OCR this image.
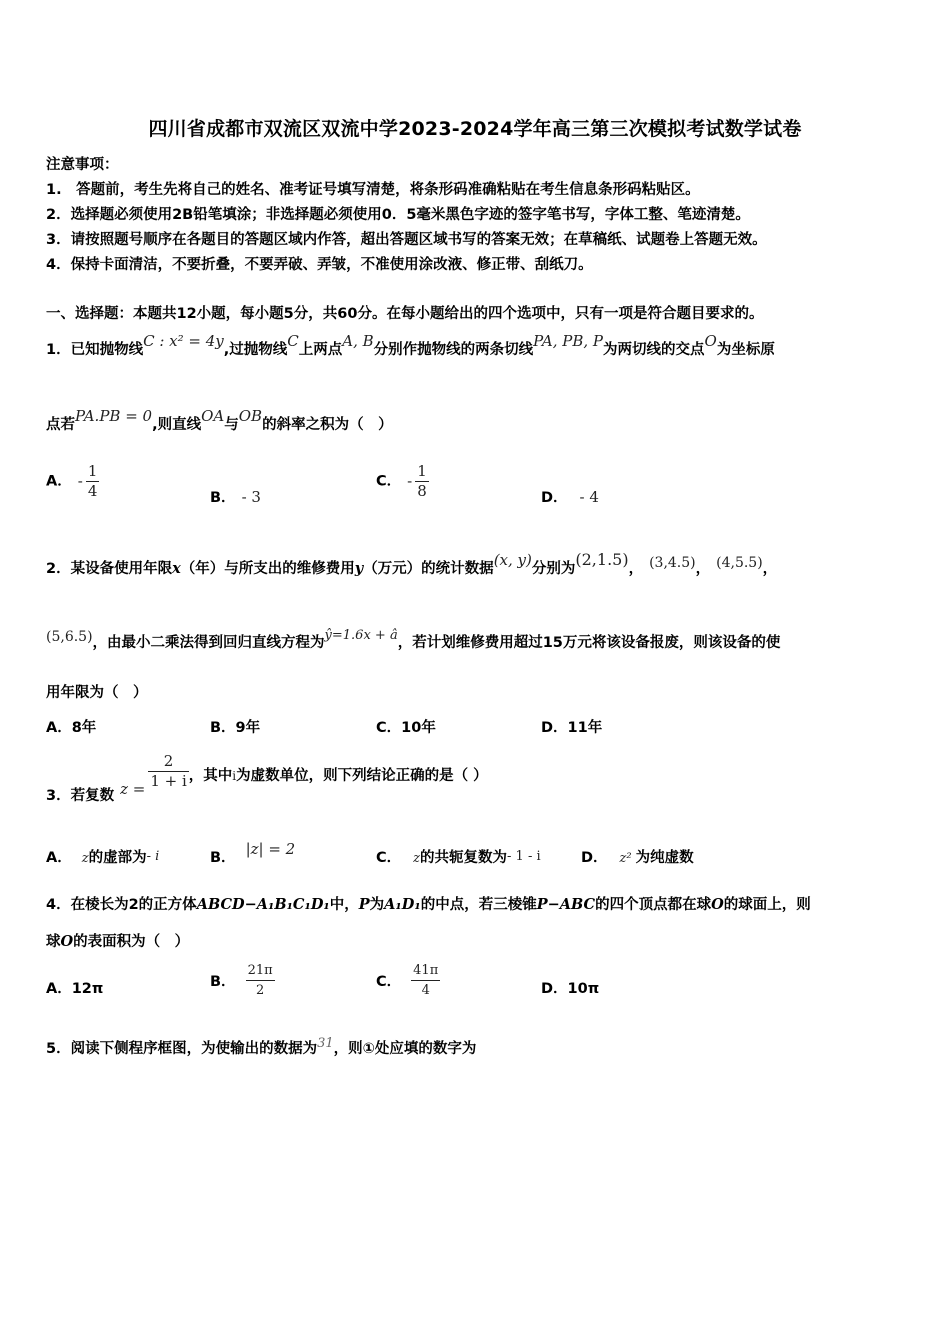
四川省成都市双流区双流中学2023-2024学年高三第三次模拟考试数学试卷
注意事项：
1.　答题前，考生先将自己的姓名、准考证号填写清楚，将条形码准确粘贴在考生信息条形码粘贴区。
2．选择题必须使用2B铅笔填涂；非选择题必须使用0．5毫米黑色字迹的签字笔书写，字体工整、笔迹清楚。
3．请按照题号顺序在各题目的答题区域内作答，超出答题区域书写的答案无效；在草稿纸、试题卷上答题无效。
4．保持卡面清洁，不要折叠，不要弄破、弄皱，不准使用涂改液、修正带、刮纸刀。
一、选择题：本题共12小题，每小题5分，共60分。在每小题给出的四个选项中，只有一项是符合题目要求的。
1．已知抛物线C : x² = 4y,过抛物线C上两点A, B分别作抛物线的两条切线PA, PB, P为两切线的交点O为坐标原
点若PA.PB = 0,则直线OA与OB的斜率之积为（　）
A． - $\frac{1}{4}$	B． - 3
C． - $\frac{1}{8}$	D． - 4
2．某设备使用年限x（年）与所支出的维修费用y（万元）的统计数据(x, y)分别为(2,1.5)， (3,4.5)， (4,5.5)，
(5,6.5)，由最小二乘法得到回归直线方程为ŷ=1.6x + â，若计划维修费用超过15万元将该设备报废，则该设备的使
用年限为（　）
A．8年	B．9年	C．10年	D．11年
3．若复数 $z = \frac{2}{1 + i}$ ，其中$_i$为虚数单位，则下列结论正确的是（ ）
A． z的虚部为- i	B． |z| = 2	C． z的共轭复数为- 1 - i	D． z² 为纯虚数
4．在棱长为2的正方体ABCD−A₁B₁C₁D₁中，P为A₁D₁的中点，若三棱锥P−ABC的四个顶点都在球O的球面上，则
球O的表面积为（　）
A．12π	B． $\frac{21\pi}{2}$	C． $\frac{41\pi}{4}$	D．10π
5．阅读下侧程序框图，为使输出的数据为31，则①处应填的数字为
